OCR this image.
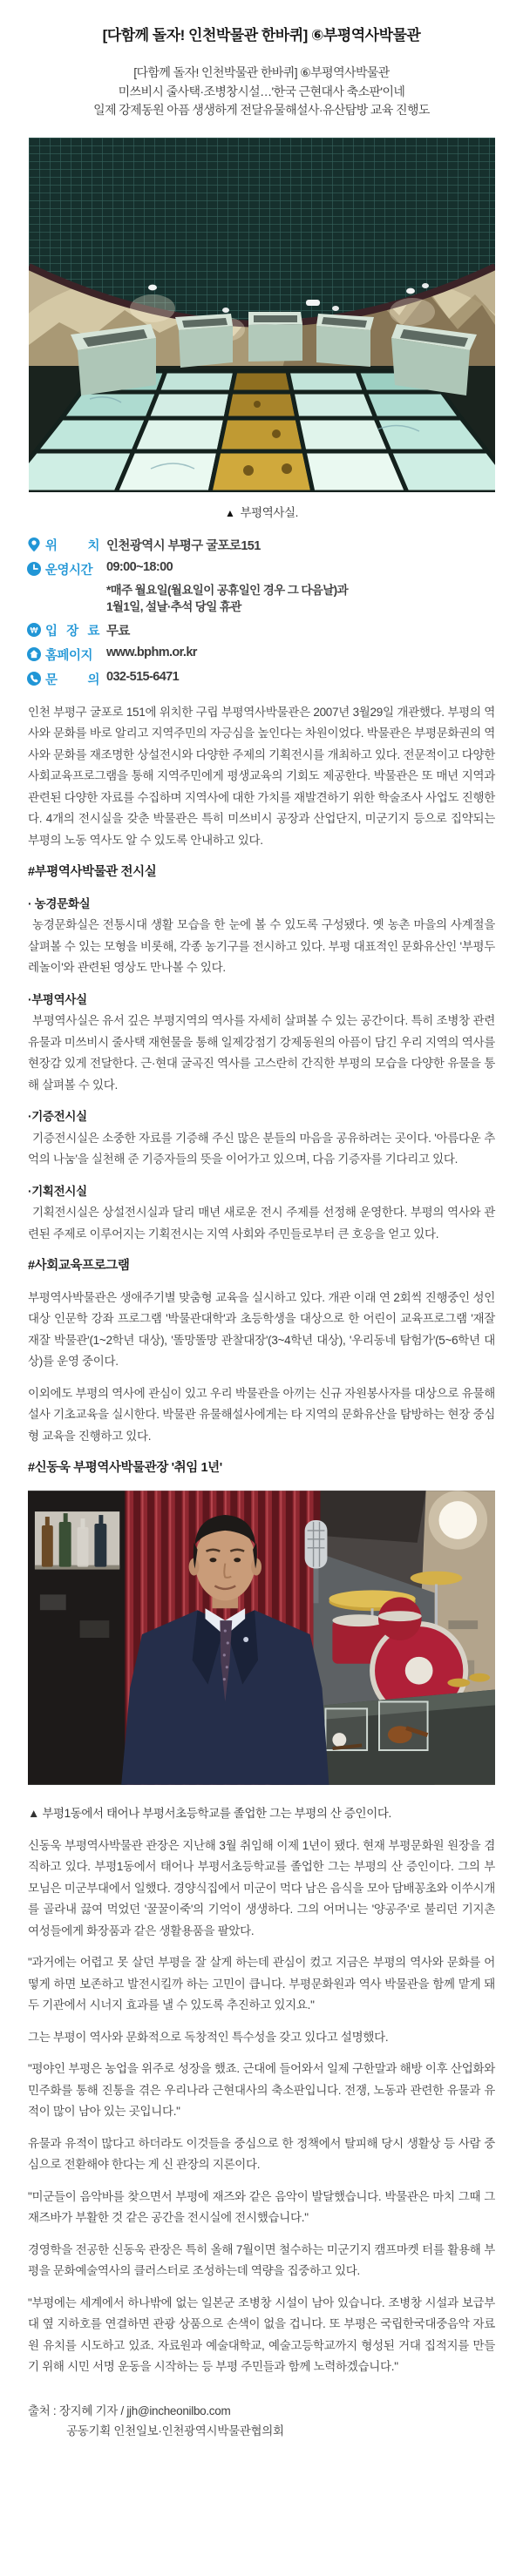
[다함께 돌자! 인천박물관 한바퀴] ⑥부평역사박물관
[다함께 돌자! 인천박물관 한바퀴] ⑥부평역사박물관
미쓰비시 줄사택·조병창시설…'한국 근현대사 축소판'이네
일제 강제동원 아픔 생생하게 전달유물해설사·유산탐방 교육 진행도
▲ 부평역사실.
위 치 인천광역시 부평구 굴포로151
운영시간	09:00~18:00
*매주 월요일(월요일이 공휴일인 경우 그 다음날)과
1월1일, 설날·추석 당일 휴관
W 입 장 료 무료
홈페이지	www.bphm.or.kr
문 의 032-515-6471

인천 부평구 굴포로 151에 위치한 구립 부평역사박물관은 2007년 3월29일 개관했다. 부평의 역사와 문화를 바로 알리고 지역주민의 자긍심을 높인다는 차원이었다. 박물관은 부평문화권의 역사와 문화를 재조명한 상설전시와 다양한 주제의 기획전시를 개최하고 있다. 전문적이고 다양한 사회교육프로그램을 통해 지역주민에게 평생교육의 기회도 제공한다. 박물관은 또 매년 지역과 관련된 다양한 자료를 수집하며 지역사에 대한 가치를 재발견하기 위한 학술조사 사업도 진행한다. 4개의 전시실을 갖춘 박물관은 특히 미쓰비시 공장과 산업단지, 미군기지 등으로 집약되는 부평의 노동 역사도 알 수 있도록 안내하고 있다.

#부평역사박물관 전시실

· 농경문화실

농경문화실은 전통시대 생활 모습을 한 눈에 볼 수 있도록 구성됐다. 옛 농촌 마을의 사계절을 살펴볼 수 있는 모형을 비롯해, 각종 농기구를 전시하고 있다. 부평 대표적인 문화유산인 '부평두레놀이'와 관련된 영상도 만나볼 수 있다.

·부평역사실

부평역사실은 유서 깊은 부평지역의 역사를 자세히 살펴볼 수 있는 공간이다. 특히 조병창 관련 유물과 미쓰비시 줄사택 재현물을 통해 일제강점기 강제동원의 아픔이 담긴 우리 지역의 역사를 현장감 있게 전달한다. 근·현대 굴곡진 역사를 고스란히 간직한 부평의 모습을 다양한 유물을 통해 살펴볼 수 있다.

·기증전시실

기증전시실은 소중한 자료를 기증해 주신 많은 분들의 마음을 공유하려는 곳이다. '아름다운 추억의 나눔'을 실천해 준 기증자들의 뜻을 이어가고 있으며, 다음 기증자를 기다리고 있다.

·기획전시실

기획전시실은 상설전시실과 달리 매년 새로운 전시 주제를 선정해 운영한다. 부평의 역사와 관련된 주제로 이루어지는 기획전시는 지역 사회와 주민들로부터 큰 호응을 얻고 있다.

#사회교육프로그램

부평역사박물관은 생애주기별 맞춤형 교육을 실시하고 있다. 개관 이래 연 2회씩 진행중인 성인 대상 인문학 강좌 프로그램 '박물관대학'과 초등학생을 대상으로 한 어린이 교육프로그램 '재잘재잘 박물관'(1~2학년 대상), '똘망똘망 관찰대장'(3~4학년 대상), '우리동네 탐험가'(5~6학년 대상)를 운영 중이다.

이외에도 부평의 역사에 관심이 있고 우리 박물관을 아끼는 신규 자원봉사자를 대상으로 유물해설사 기초교육을 실시한다. 박물관 유물해설사에게는 타 지역의 문화유산을 탐방하는 현장 중심형 교육을 진행하고 있다.

#신동욱 부평역사박물관장 '취임 1년'

▲ 부평1동에서 태어나 부평서초등학교를 졸업한 그는 부평의 산 증인이다.

신동욱 부평역사박물관 관장은 지난해 3월 취임해 이제 1년이 됐다. 현재 부평문화원 원장을 겸직하고 있다. 부평1동에서 태어나 부평서초등학교를 졸업한 그는 부평의 산 증인이다. 그의 부모님은 미군부대에서 일했다. 경양식집에서 미군이 먹다 남은 음식을 모아 담배꽁초와 이쑤시개를 골라내 끓여 먹었던 '꿀꿀이죽'의 기억이 생생하다. 그의 어머니는 '양공주'로 불리던 기지촌 여성들에게 화장품과 같은 생활용품을 팔았다.

"과거에는 어렵고 못 살던 부평을 잘 살게 하는데 관심이 컸고 지금은 부평의 역사와 문화를 어떻게 하면 보존하고 발전시킬까 하는 고민이 큽니다. 부평문화원과 역사 박물관을 함께 맡게 돼 두 기관에서 시너지 효과를 낼 수 있도록 추진하고 있지요."

그는 부평이 역사와 문화적으로 독창적인 특수성을 갖고 있다고 설명했다.

"평야인 부평은 농업을 위주로 성장을 했죠. 근대에 들어와서 일제 구한말과 해방 이후 산업화와 민주화를 통해 진통을 겪은 우리나라 근현대사의 축소판입니다. 전쟁, 노동과 관련한 유물과 유적이 많이 남아 있는 곳입니다."

유물과 유적이 많다고 하더라도 이것들을 중심으로 한 정책에서 탈피해 당시 생활상 등 사람 중심으로 전환해야 한다는 게 신 관장의 지론이다.

"미군들이 음악바를 찾으면서 부평에 재즈와 같은 음악이 발달했습니다. 박물관은 마치 그때 그 재즈바가 부활한 것 같은 공간을 전시실에 전시했습니다."

경영학을 전공한 신동욱 관장은 특히 올해 7월이면 철수하는 미군기지 캠프마켓 터를 활용해 부평을 문화예술역사의 클러스터로 조성하는데 역량을 집중하고 있다.

"부평에는 세계에서 하나밖에 없는 일본군 조병창 시설이 남아 있습니다. 조병창 시설과 보급부대 옆 지하호를 연결하면 관광 상품으로 손색이 없을 겁니다. 또 부평은 국립한국대중음악 자료원 유치를 시도하고 있죠. 자료원과 예술대학교, 예술고등학교까지 형성된 거대 집적지를 만들기 위해 시민 서명 운동을 시작하는 등 부평 주민들과 함께 노력하겠습니다."

출처 : 장지혜 기자 / jjh@incheonilbo.com
공동기획 인천일보·인천광역시박물관협의회
